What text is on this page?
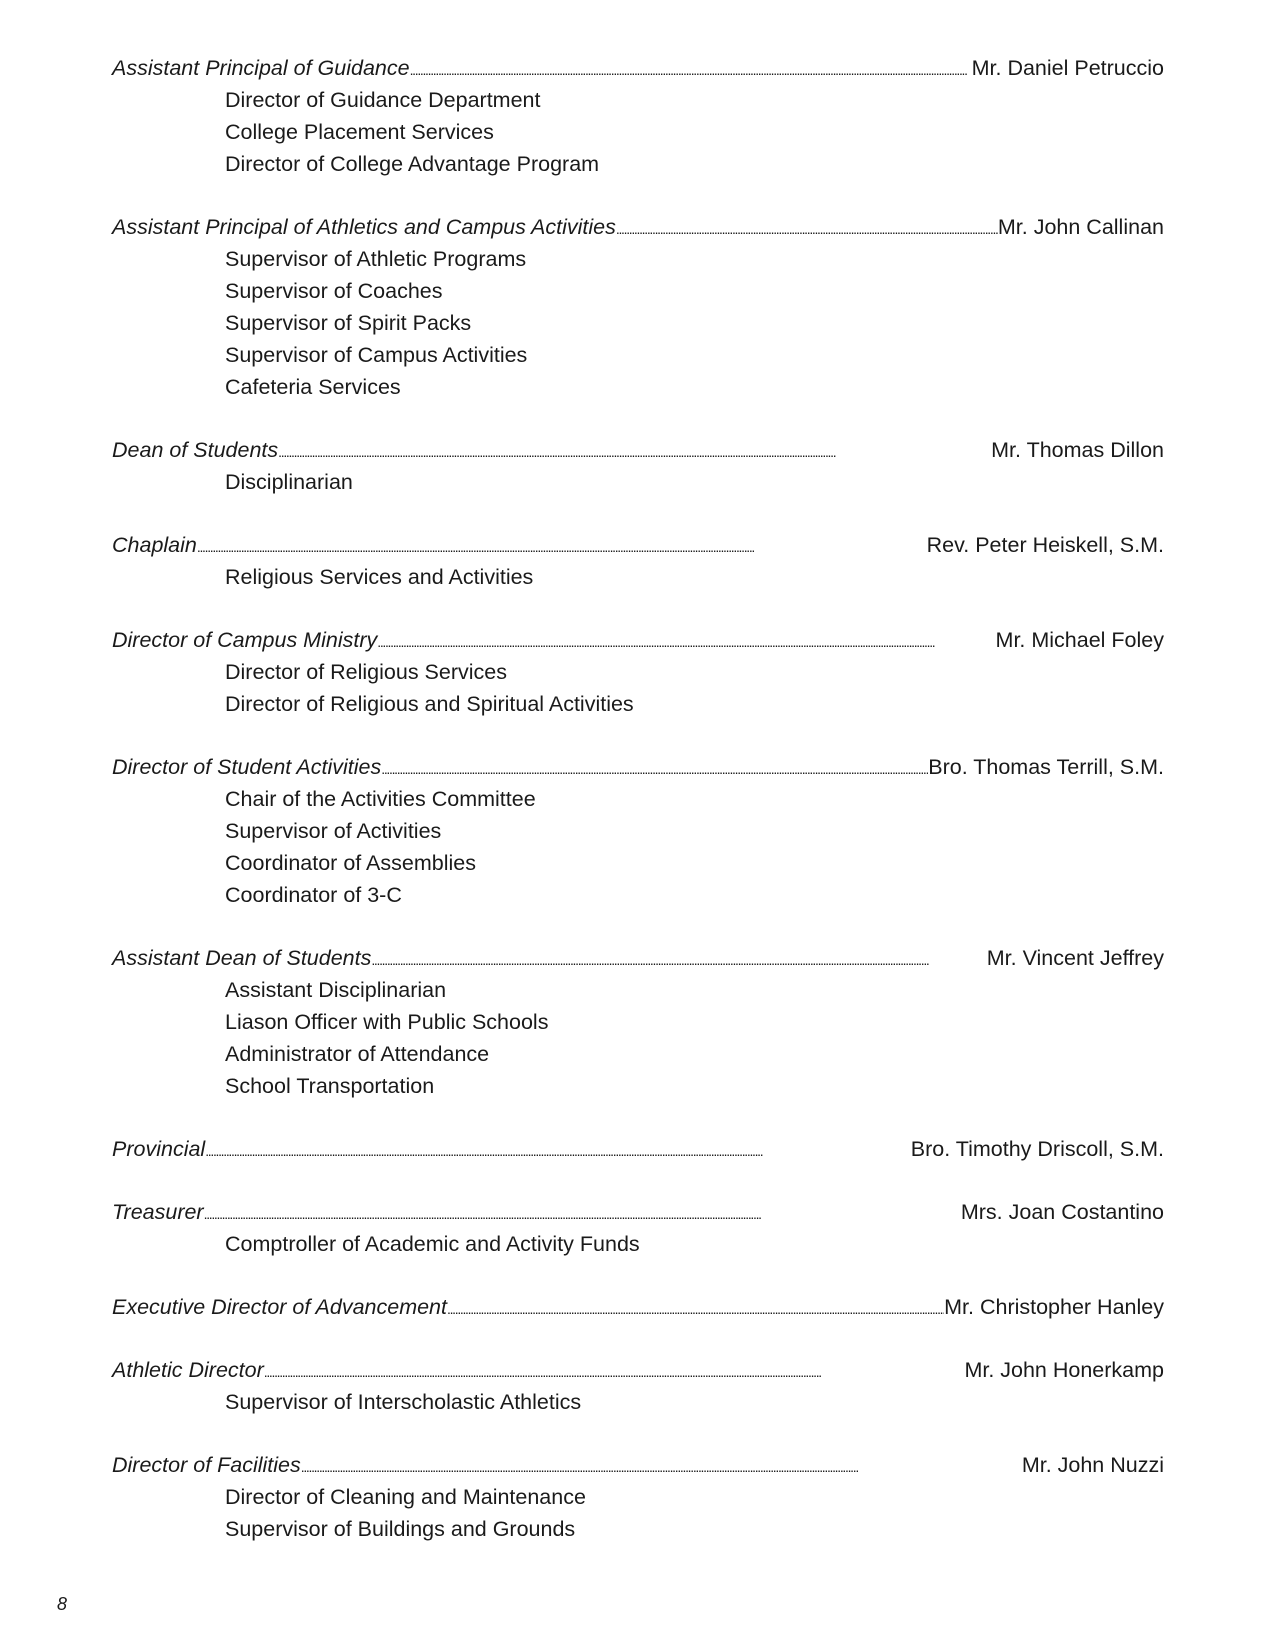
Assistant Principal of Guidance . . .	Mr. Daniel Petruccio
Director of Guidance Department
College Placement Services
Director of College Advantage Program
Assistant Principal of Athletics and Campus Activities . . .	Mr. John Callinan
Supervisor of Athletic Programs
Supervisor of Coaches
Supervisor of Spirit Packs
Supervisor of Campus Activities
Cafeteria Services
Dean of Students . . .	Mr. Thomas Dillon
Disciplinarian
Chaplain . . .	Rev. Peter Heiskell, S.M.
Religious Services and Activities
Director of Campus Ministry . . .	Mr. Michael Foley
Director of Religious Services
Director of Religious and Spiritual Activities
Director of Student Activities . . .	Bro. Thomas Terrill, S.M.
Chair of the Activities Committee
Supervisor of Activities
Coordinator of Assemblies
Coordinator of 3-C
Assistant Dean of Students . . .	Mr. Vincent Jeffrey
Assistant Disciplinarian
Liason Officer with Public Schools
Administrator of Attendance
School Transportation
Provincial . . .	Bro. Timothy Driscoll, S.M.
Treasurer . . .	Mrs. Joan Costantino
Comptroller of Academic and Activity Funds
Executive Director of Advancement . . .	Mr. Christopher Hanley
Athletic Director . . .	Mr. John Honerkamp
Supervisor of Interscholastic Athletics
Director of Facilities . . .	Mr. John Nuzzi
Director of Cleaning and Maintenance
Supervisor of Buildings and Grounds
8
